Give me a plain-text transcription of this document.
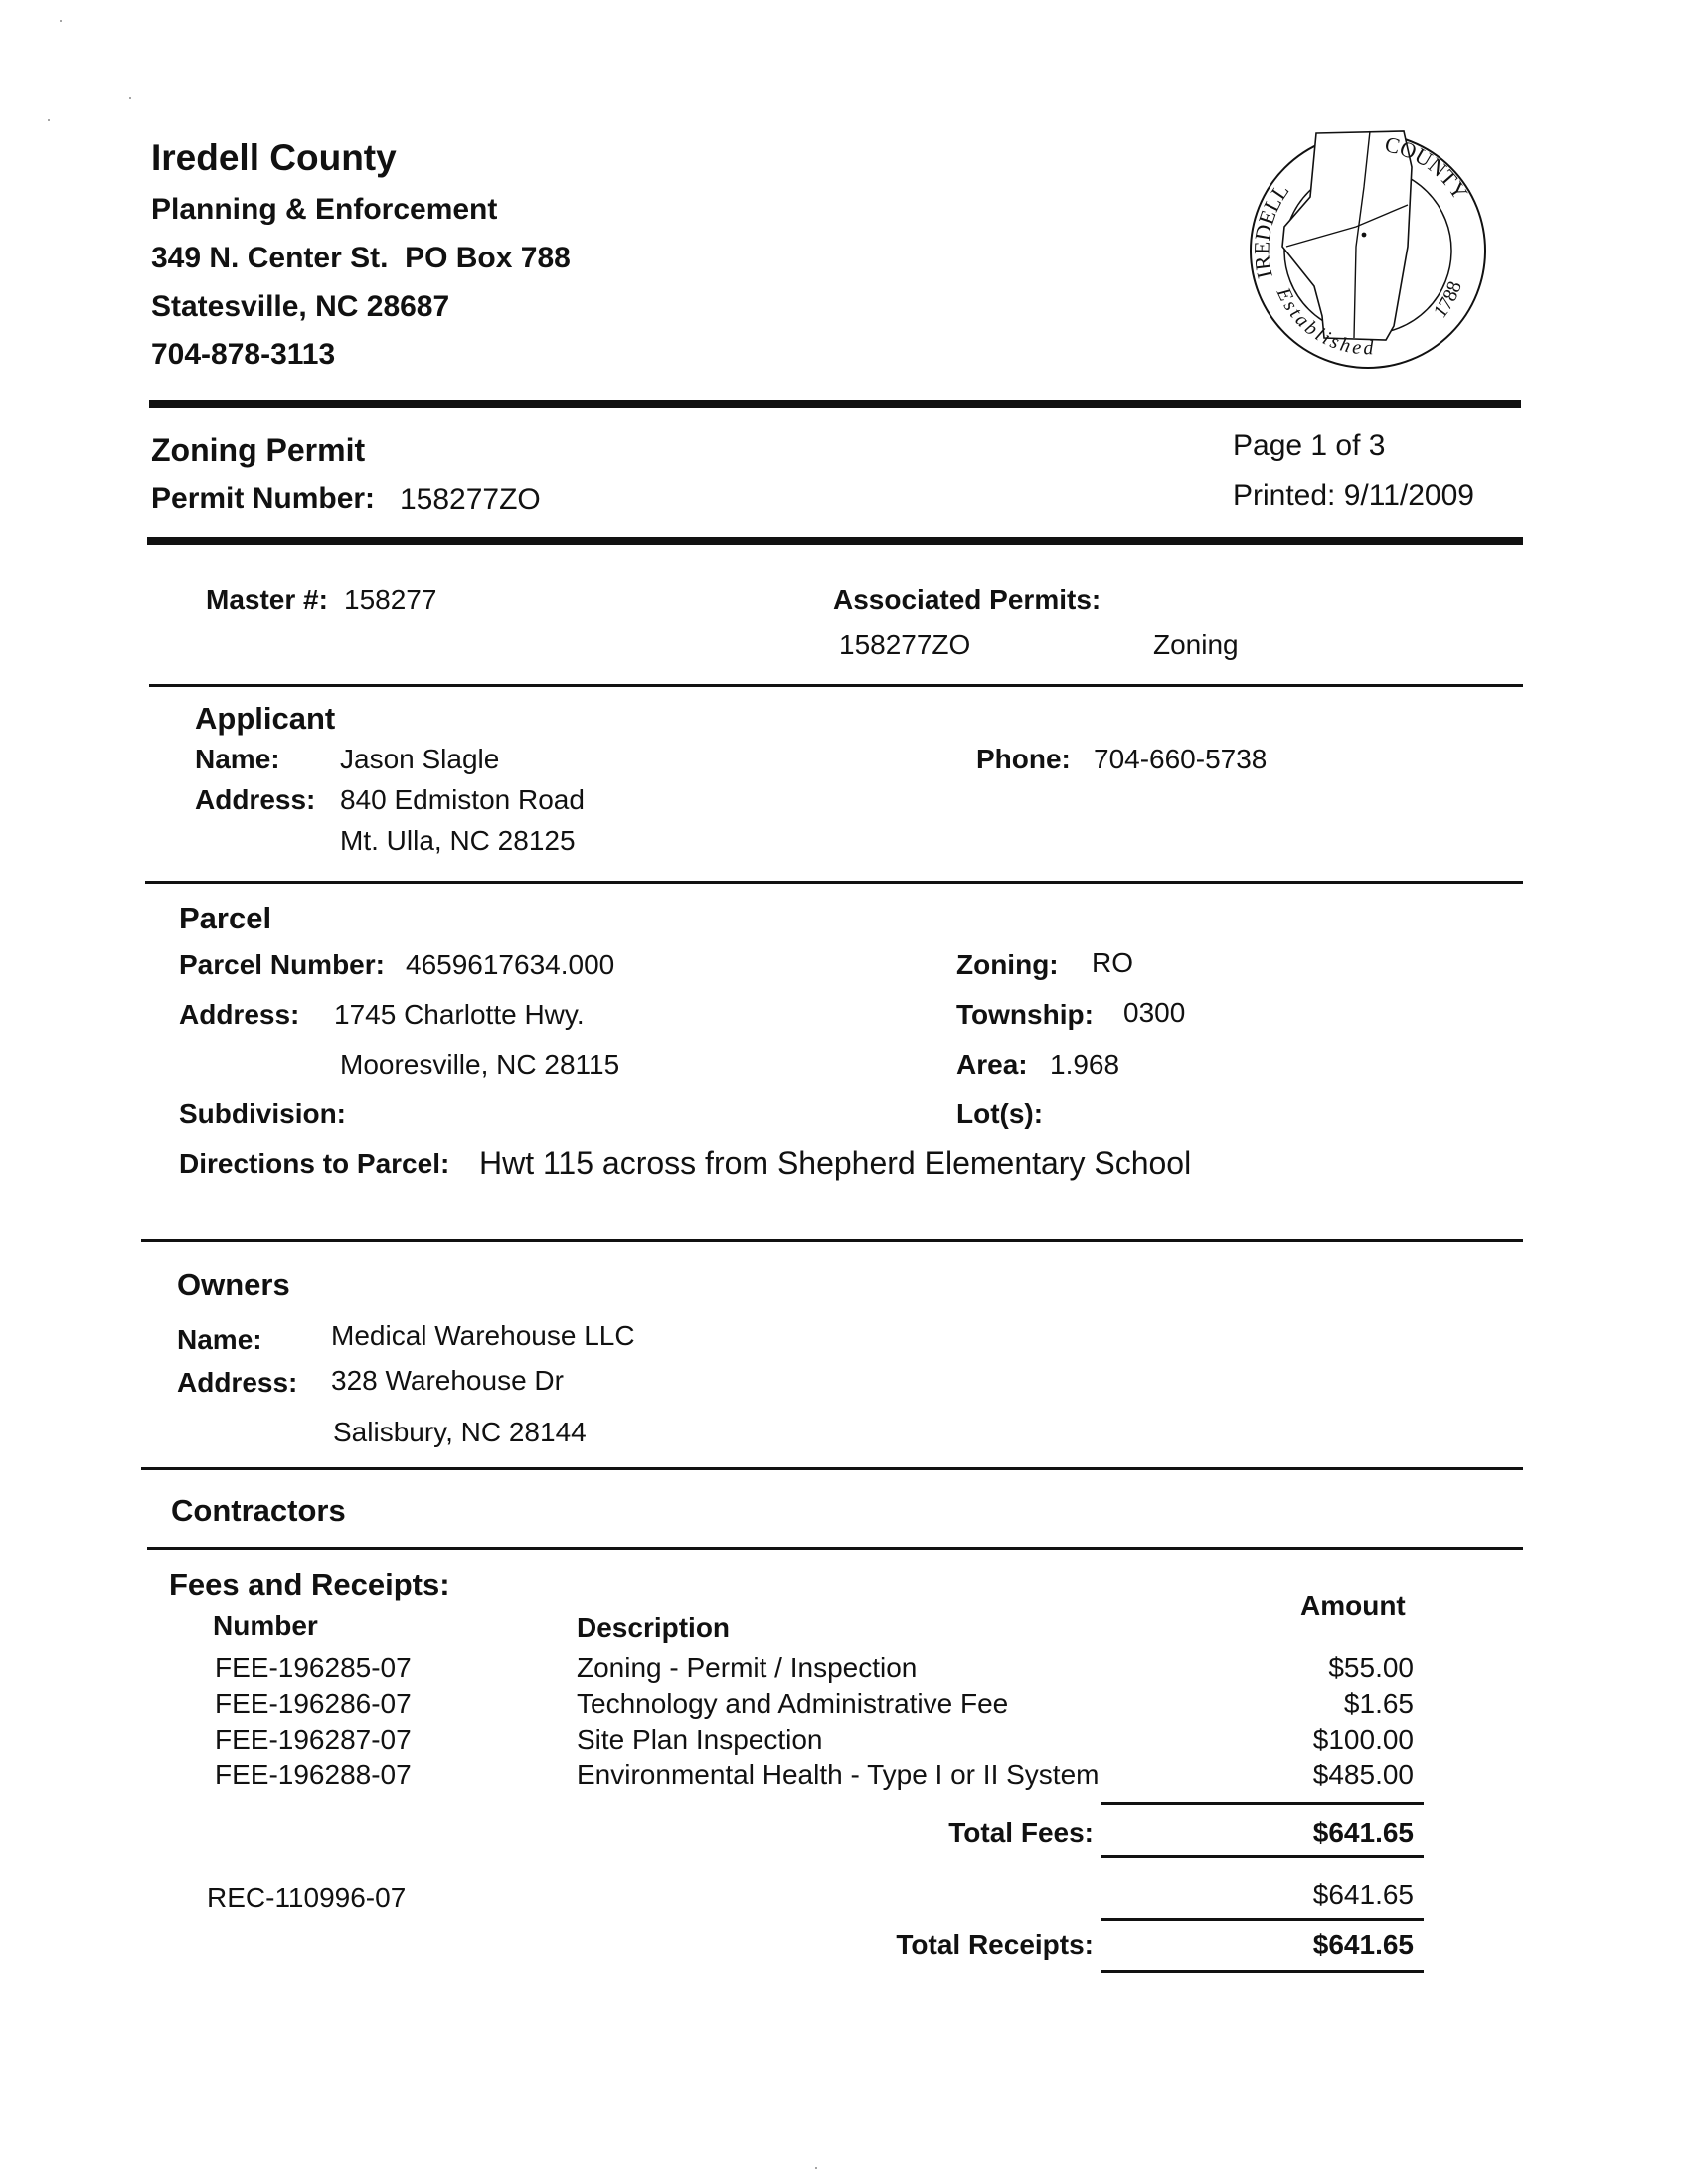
Iredell County
Planning & Enforcement
349 N. Center St.  PO Box 788
Statesville, NC 28687
704-878-3113
IREDELL
COUNTY
Established
1788
Zoning Permit
Permit Number: 158277ZO
Page 1 of 3
Printed: 9/11/2009
Master #: 158277	Associated Permits:
158277ZO	Zoning
Applicant
Name: Jason Slagle
Address: 840 Edmiston Road
Mt. Ulla, NC 28125
Phone: 704-660-5738
Parcel
Parcel Number: 4659617634.000
Address: 1745 Charlotte Hwy.
Mooresville, NC 28115
Subdivision:
Zoning: RO
Township: 0300
Area: 1.968
Lot(s):
Directions to Parcel: Hwt 115 across from Shepherd Elementary School
Owners
Name: Medical Warehouse LLC
Address: 328 Warehouse Dr
Salisbury, NC 28144
Contractors
Fees and Receipts:
Number	Description
Amount
FEE-196285-07	Zoning - Permit / Inspection	$55.00
FEE-196286-07	Technology and Administrative Fee	$1.65
FEE-196287-07	Site Plan Inspection	$100.00
FEE-196288-07	Environmental Health - Type I or II System	$485.00
Total Fees:	$641.65
REC-110996-07	$641.65
Total Receipts:	$641.65
